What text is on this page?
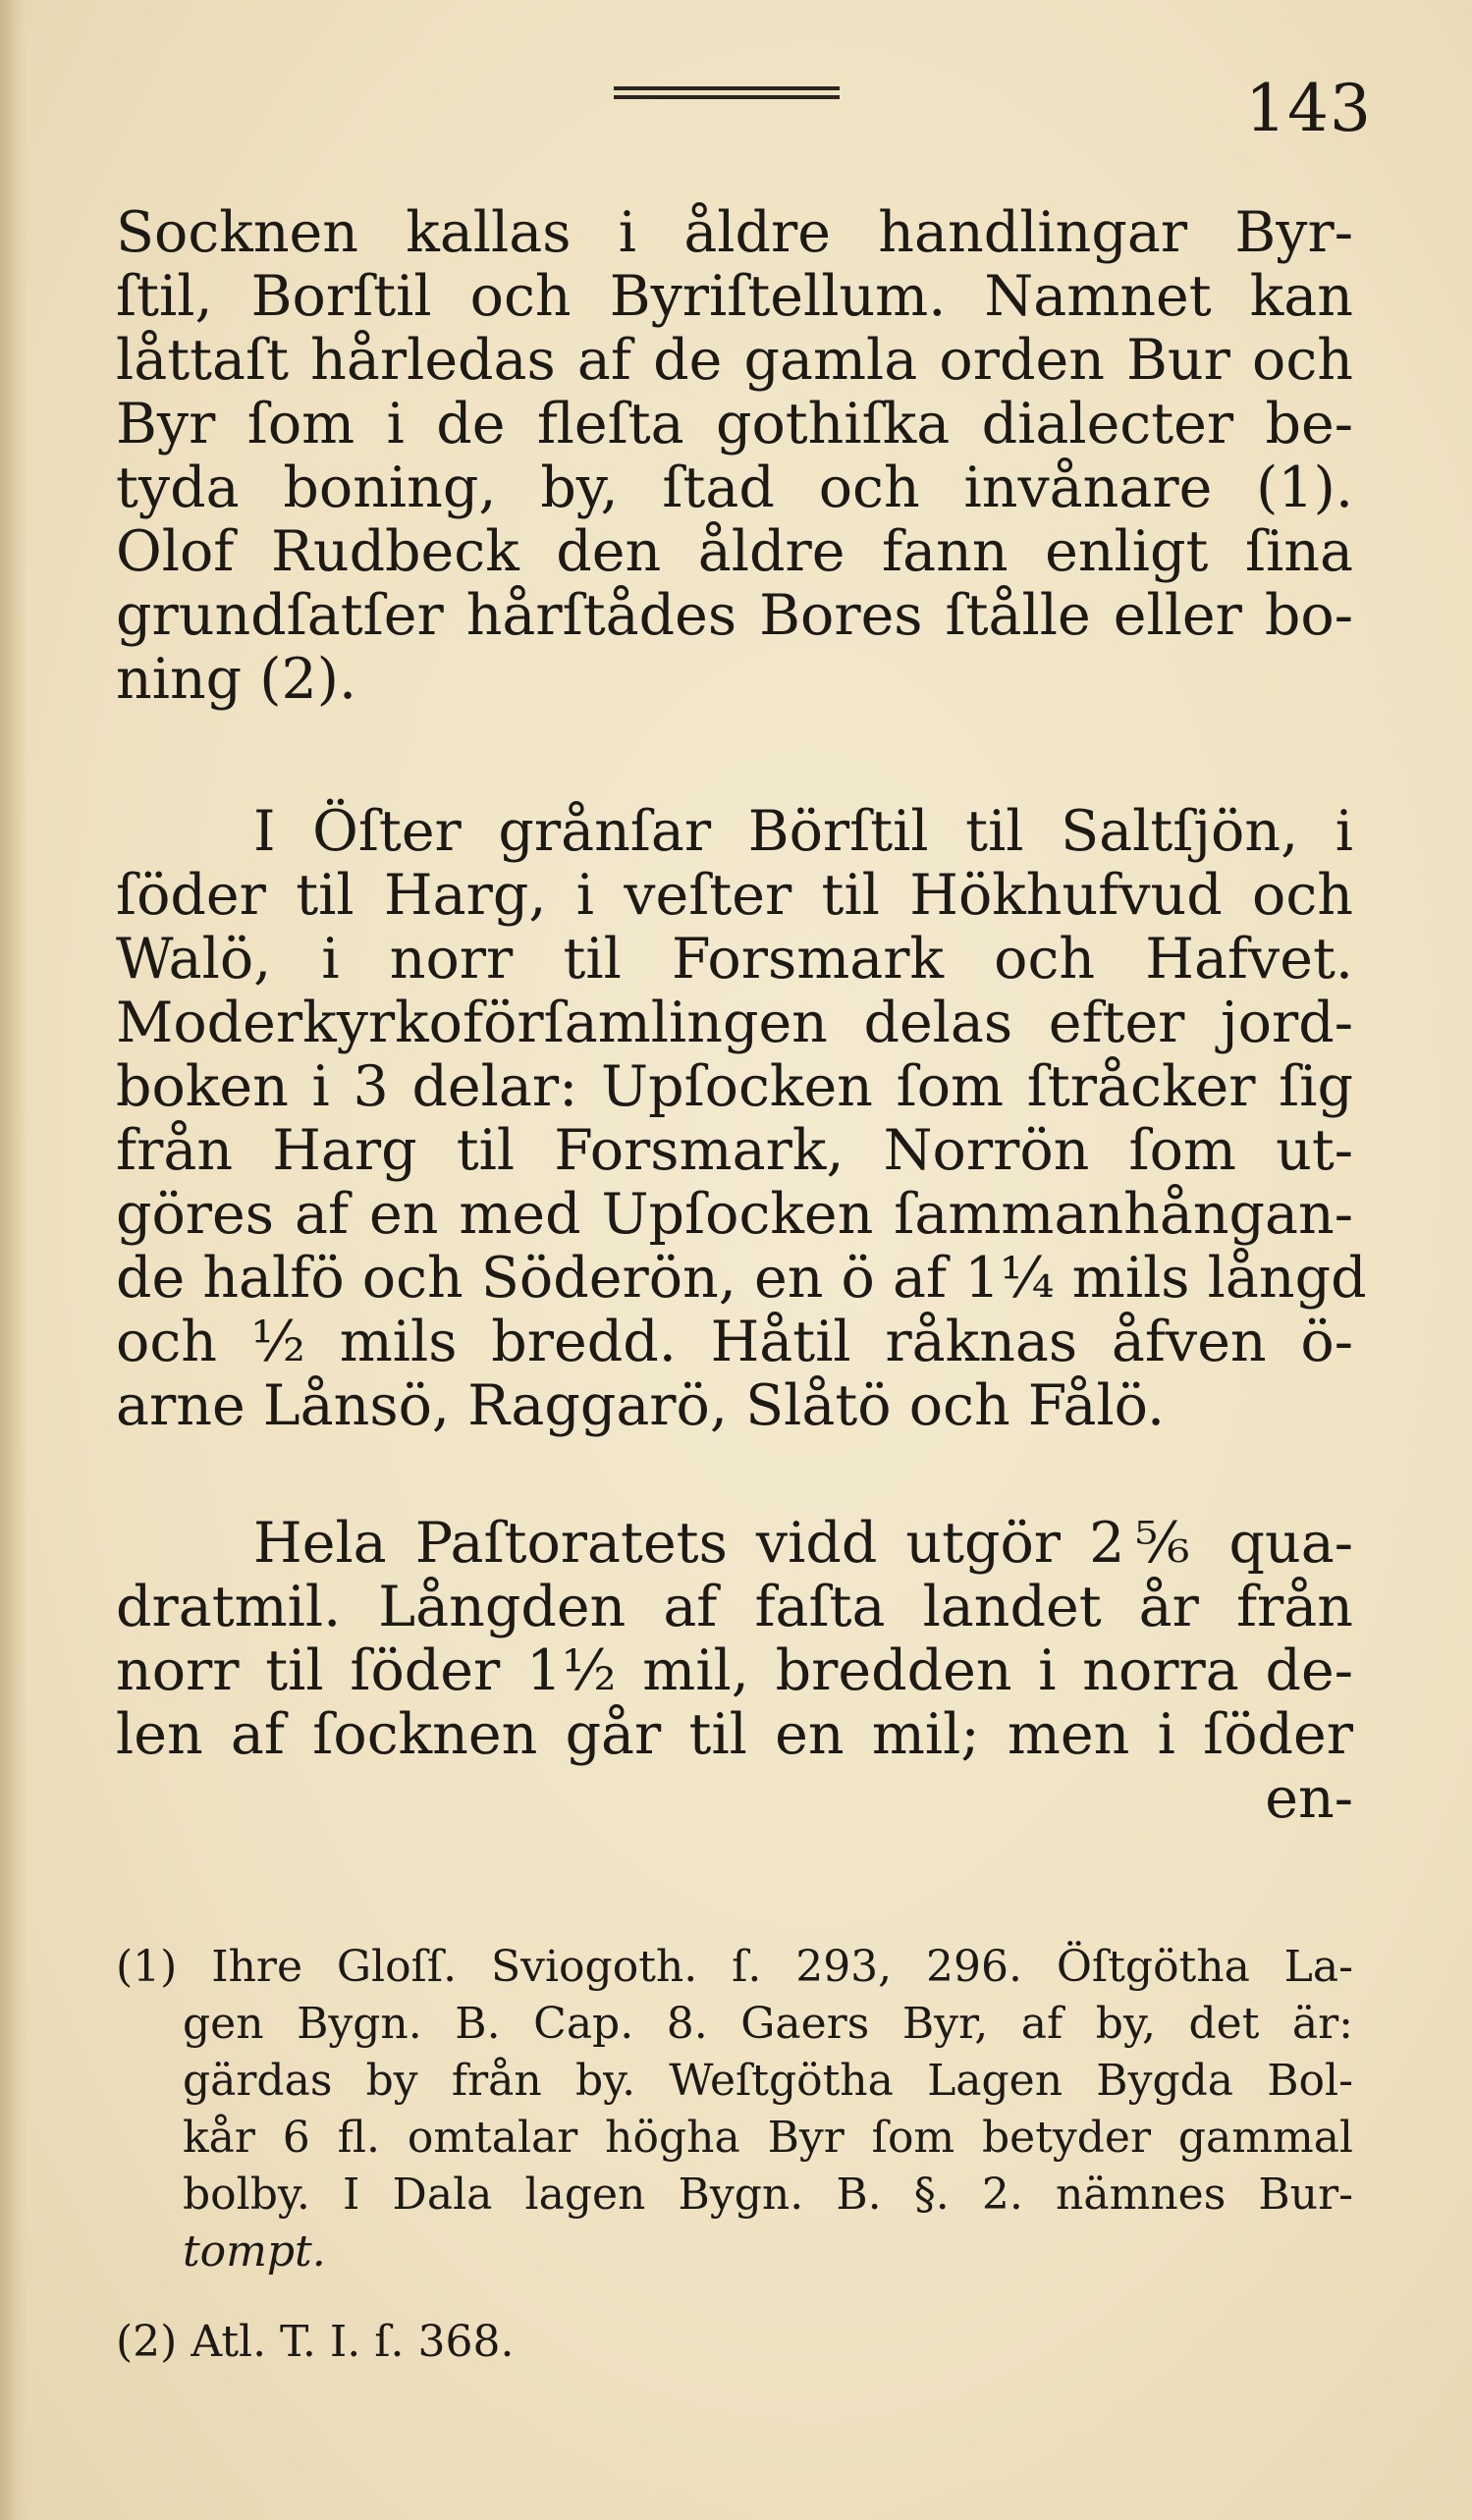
143
Socknen kallas i åldre handlingar Byr-
ſtil, Borſtil och Byriſtellum. Namnet kan
låttaſt hårledas af de gamla orden Bur och
Byr ſom i de fleſta gothiſka dialecter be-
tyda boning, by, ſtad och invånare (1).
Olof Rudbeck den åldre fann enligt ſina
grundſatſer hårſtådes Bores ſtålle eller bo-
ning (2).
I Öſter grånſar Börſtil til Saltſjön, i
ſöder til Harg, i veſter til Hökhufvud och
Walö, i norr til Forsmark och Hafvet.
Moderkyrkoförſamlingen delas efter jord-
boken i 3 delar: Upſocken ſom ſtråcker ſig
från Harg til Forsmark, Norrön ſom ut-
göres af en med Upſocken ſammanhångan-
de halfö och Söderön, en ö af 1¼ mils långd
och ½ mils bredd. Håtil råknas åfven ö-
arne Lånsö, Raggarö, Slåtö och Fålö.
Hela Paſtoratets vidd utgör 2⅚ qua-
dratmil. Långden af faſta landet år från
norr til ſöder 1½ mil, bredden i norra de-
len af ſocknen går til en mil; men i ſöder
en-
(1) Ihre Gloſſ. Sviogoth. ſ. 293, 296. Öſtgötha La-
gen Bygn. B. Cap. 8. Gaers Byr, af by, det är:
gärdas by från by. Weſtgötha Lagen Bygda Bol-
kår 6 fl. omtalar högha Byr ſom betyder gammal
bolby. I Dala lagen Bygn. B. §. 2. nämnes Bur-
tompt.
(2) Atl. T. I. ſ. 368.
